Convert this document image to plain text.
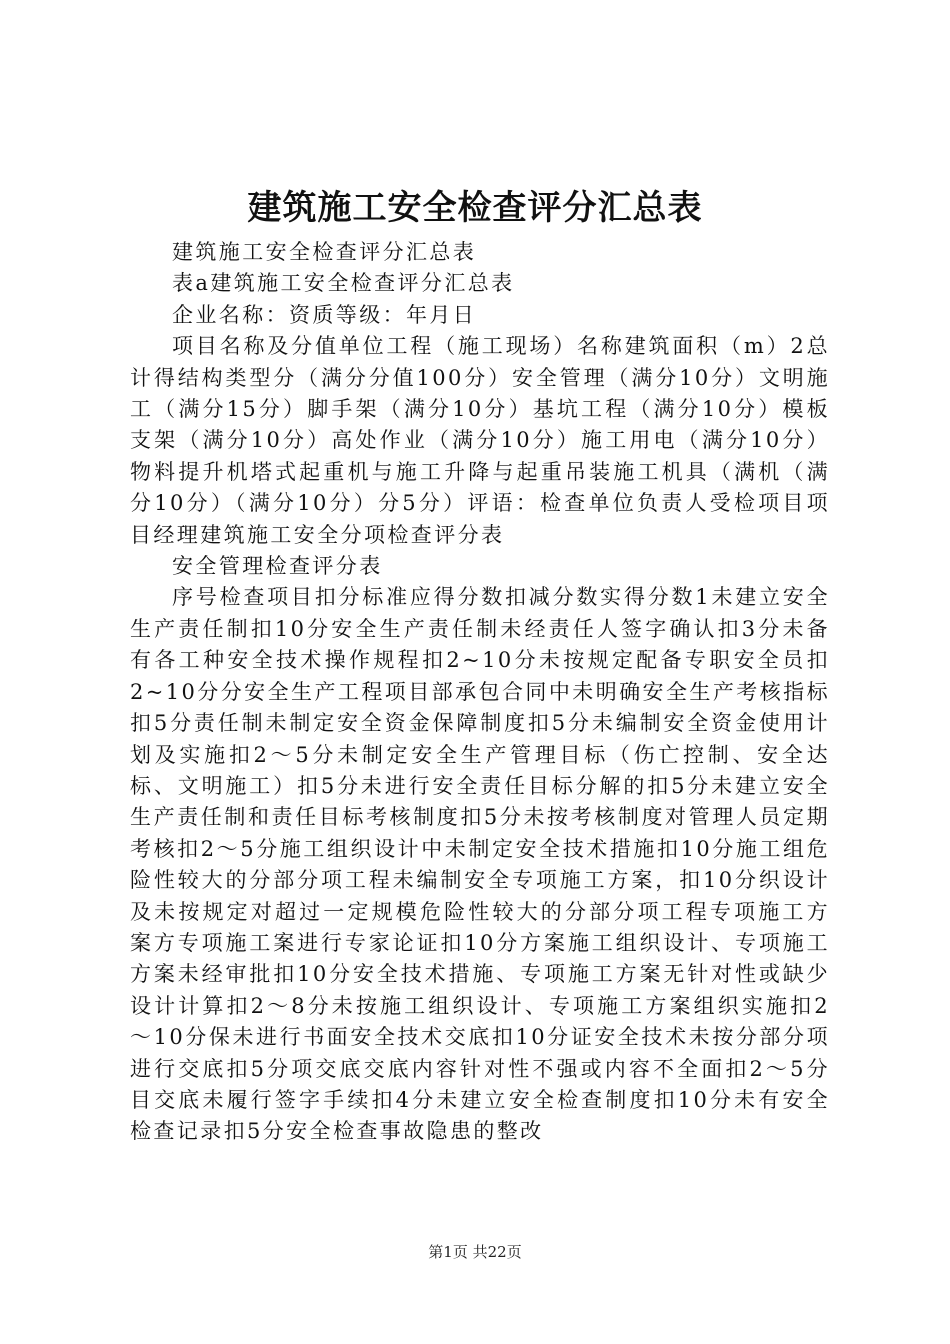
建筑施工安全检查评分汇总表

建筑施工安全检查评分汇总表

表a建筑施工安全检查评分汇总表

企业名称：资质等级：年月日

项目名称及分值单位工程（施工现场）名称建筑面积（m）2总计得结构类型分（满分分值100分）安全管理（满分10分）文明施工（满分15分）脚手架（满分10分）基坑工程（满分10分）模板支架（满分10分）高处作业（满分10分）施工用电（满分10分）物料提升机塔式起重机与施工升降与起重吊装施工机具（满机（满分10分）（满分10分）分5分）评语：检查单位负责人受检项目项目经理建筑施工安全分项检查评分表

安全管理检查评分表

序号检查项目扣分标准应得分数扣减分数实得分数1未建立安全生产责任制扣10分安全生产责任制未经责任人签字确认扣3分未备有各工种安全技术操作规程扣2~10分未按规定配备专职安全员扣2~10分分安全生产工程项目部承包合同中未明确安全生产考核指标扣5分责任制未制定安全资金保障制度扣5分未编制安全资金使用计划及实施扣2～5分未制定安全生产管理目标（伤亡控制、安全达标、文明施工）扣5分未进行安全责任目标分解的扣5分未建立安全生产责任制和责任目标考核制度扣5分未按考核制度对管理人员定期考核扣2～5分施工组织设计中未制定安全技术措施扣10分施工组危险性较大的分部分项工程未编制安全专项施工方案，扣10分织设计及未按规定对超过一定规模危险性较大的分部分项工程专项施工方案方专项施工案进行专家论证扣10分方案施工组织设计、专项施工方案未经审批扣10分安全技术措施、专项施工方案无针对性或缺少设计计算扣2～8分未按施工组织设计、专项施工方案组织实施扣2～10分保未进行书面安全技术交底扣10分证安全技术未按分部分项进行交底扣5分项交底交底内容针对性不强或内容不全面扣2～5分目交底未履行签字手续扣4分未建立安全检查制度扣10分未有安全检查记录扣5分安全检查事故隐患的整改

第1页 共22页
